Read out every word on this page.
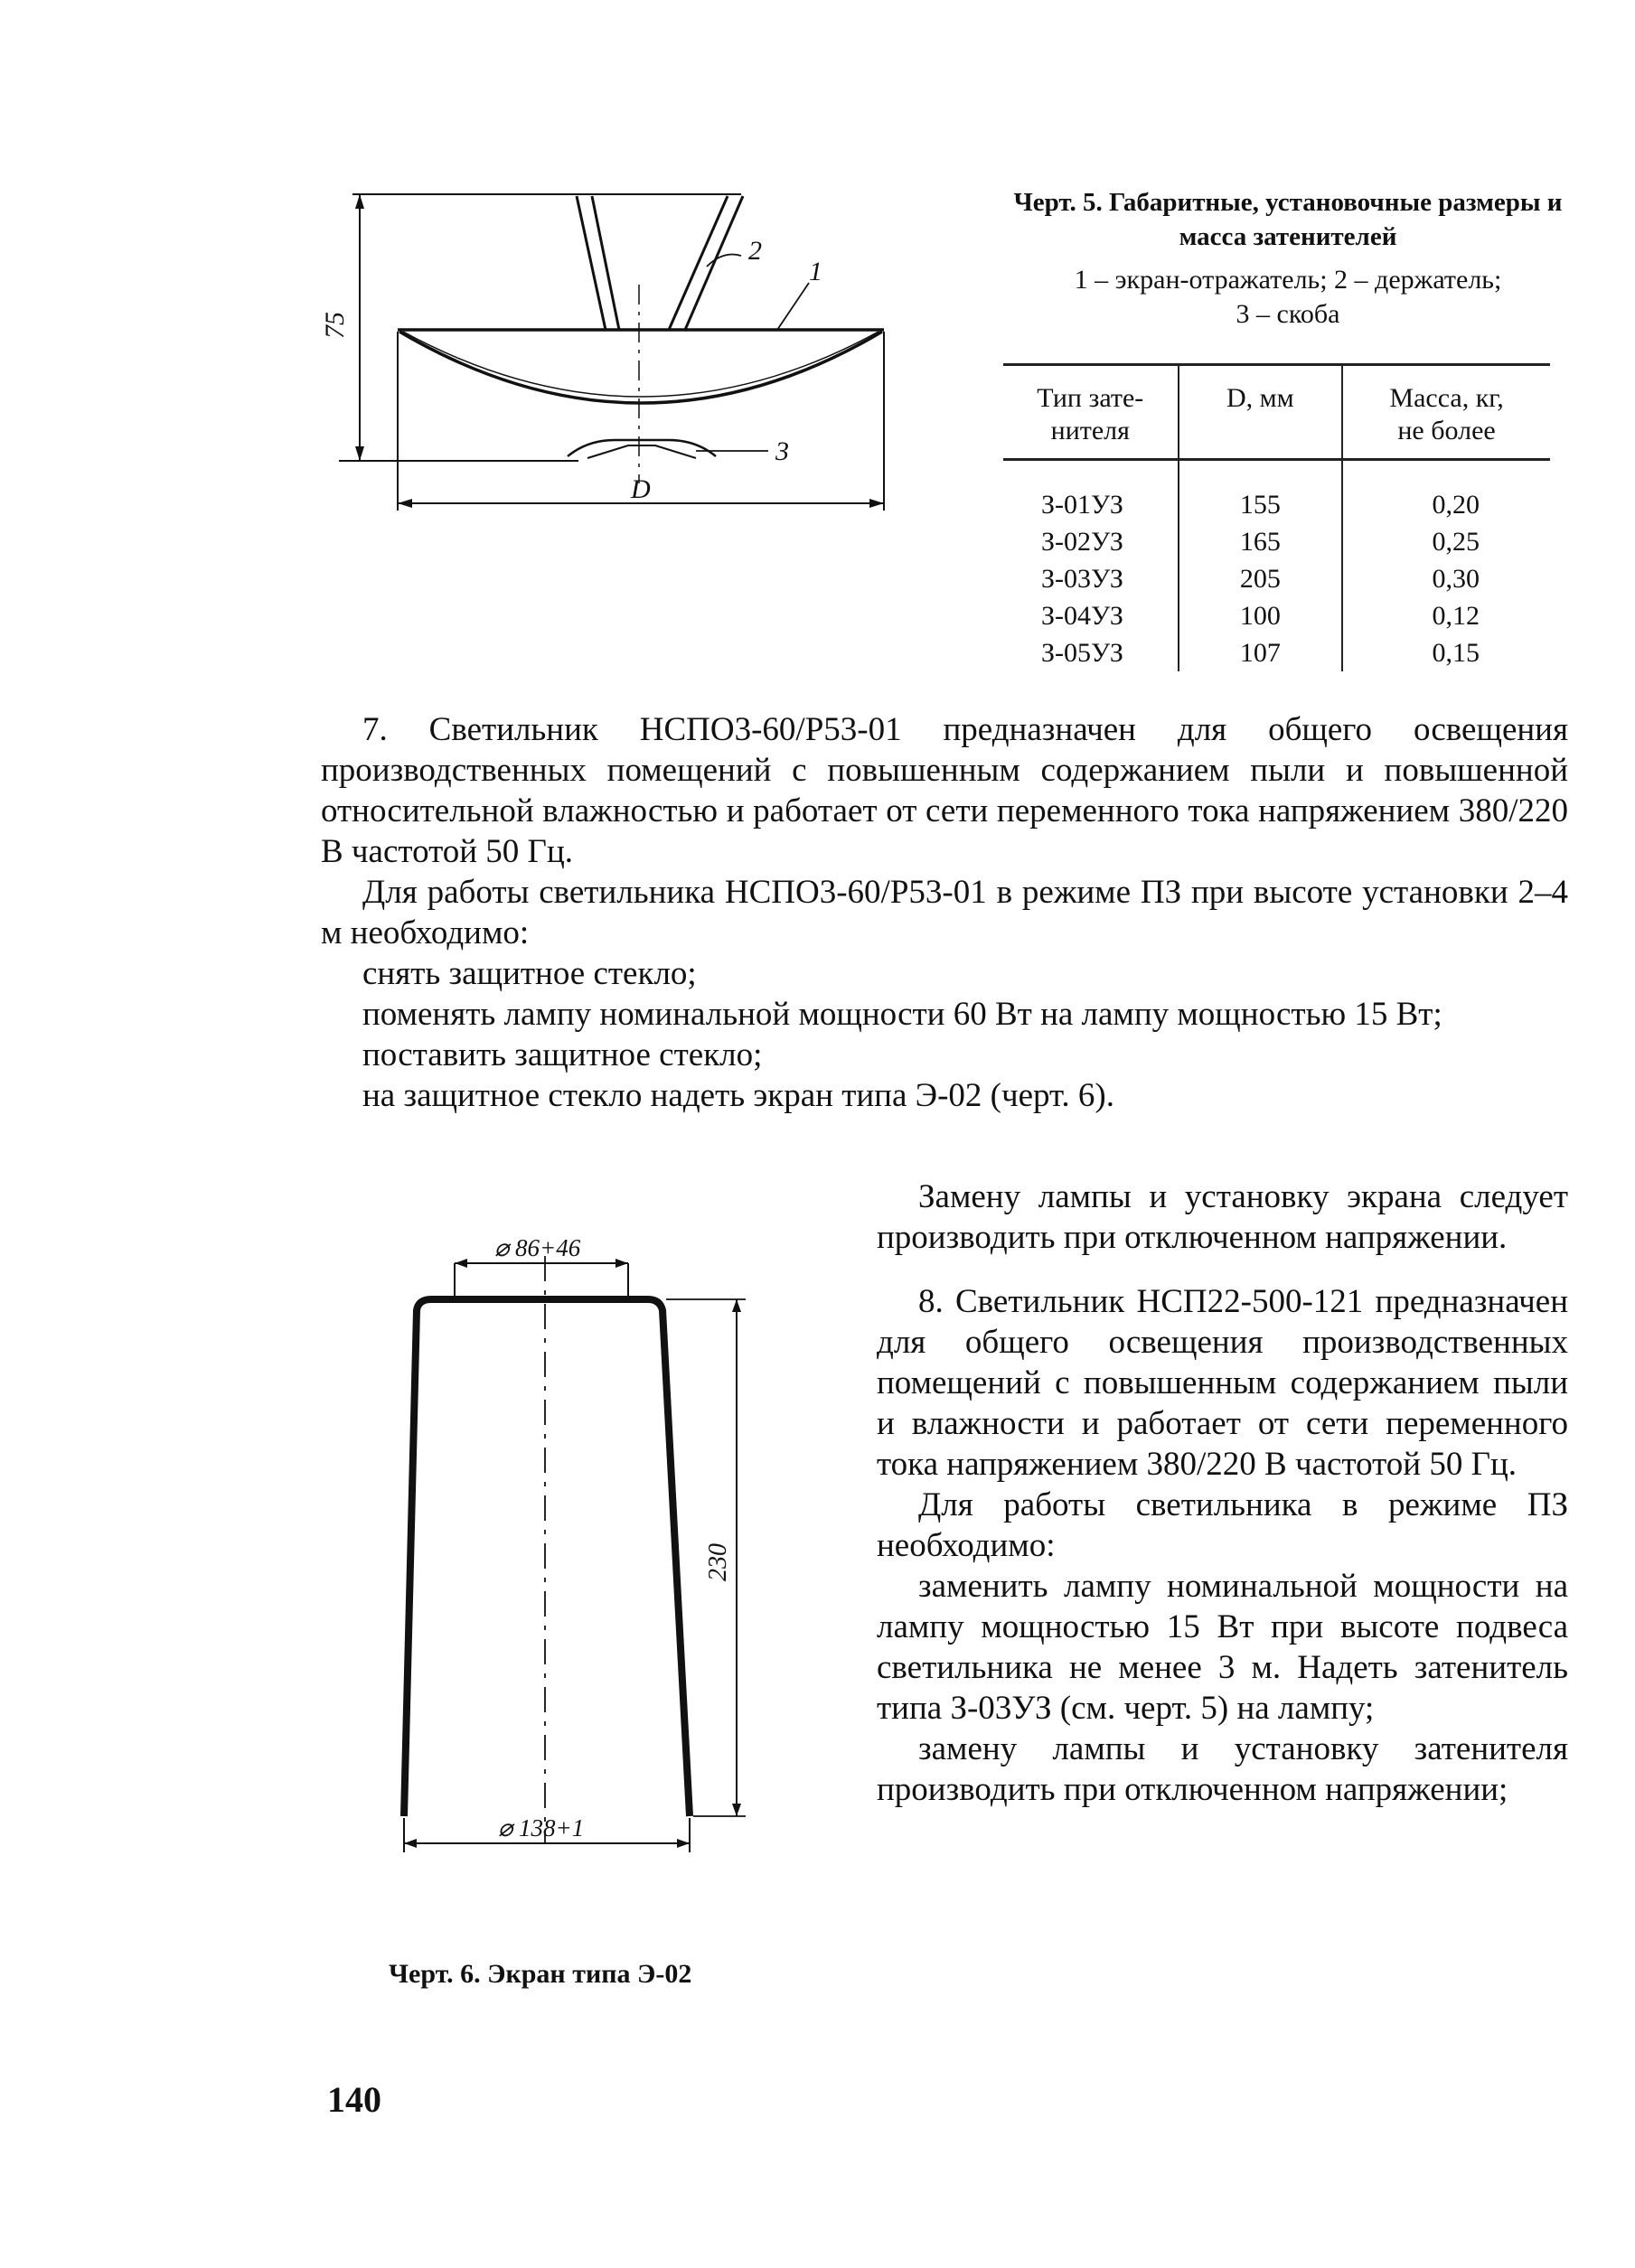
75
D
1
2
3
Черт. 5. Габаритные, установочные размеры и масса затенителей
1 – экран-отражатель; 2 – держатель;
3 – скоба
Тип зате-
нителя	D, мм	Масса, кг,
не более
З-01УЗ	155	0,20
З-02УЗ	165	0,25
З-03УЗ	205	0,30
З-04УЗ	100	0,12
З-05УЗ	107	0,15

7. Светильник НСПО3-60/Р53-01 предназначен для общего освещения производственных помещений с повышенным содержанием пыли и повышенной относительной влажностью и работает от сети переменного тока напряжением 380/220 В частотой 50 Гц.

Для работы светильника НСПО3-60/Р53-01 в режиме ПЗ при высоте установки 2–4 м необходимо:

снять защитное стекло;

поменять лампу номинальной мощности 60 Вт на лампу мощностью 15 Вт;

поставить защитное стекло;

на защитное стекло надеть экран типа Э-02 (черт. 6).

Замену лампы и установку экрана следует производить при отключенном напряжении.

8. Светильник НСП22-500-121 предназначен для общего освещения производственных помещений с повышенным содержанием пыли и влажности и работает от сети переменного тока напряжением 380/220 В частотой 50 Гц.

Для работы светильника в режиме ПЗ необходимо:

заменить лампу номинальной мощности на лампу мощностью 15 Вт при высоте подвеса светильника не менее 3 м. Надеть затенитель типа З-03УЗ (см. черт. 5) на лампу;

замену лампы и установку затенителя производить при отключенном напряжении;

⌀ 86+46
230
⌀ 138+1
Черт. 6. Экран типа Э-02
140
